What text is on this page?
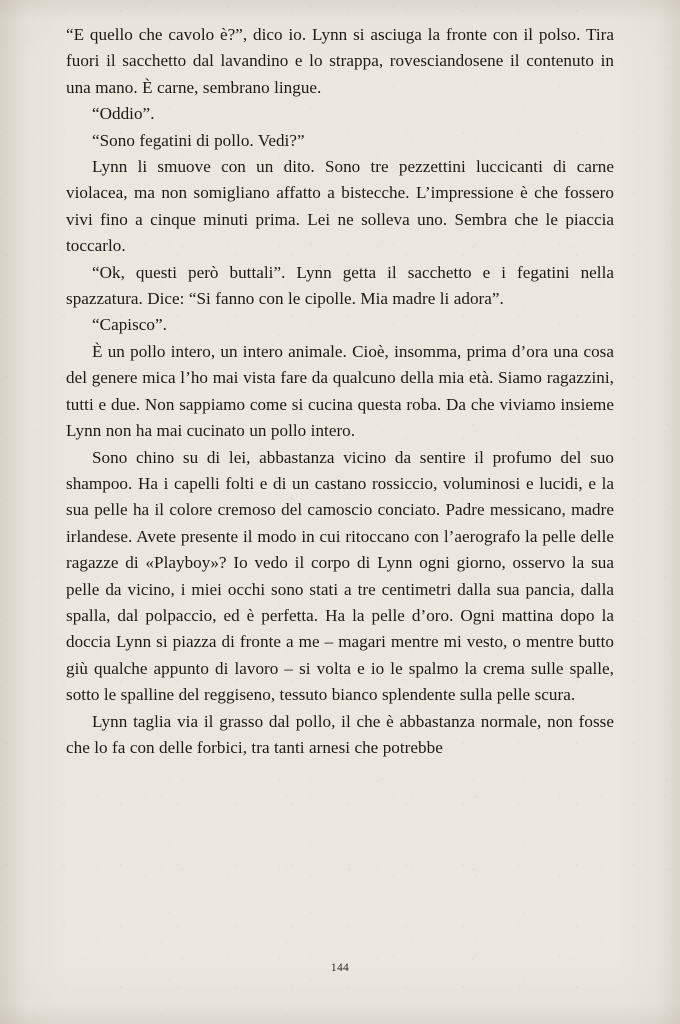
“E quello che cavolo è?”, dico io. Lynn si asciuga la fronte con il polso. Tira fuori il sacchetto dal lavandino e lo strappa, rovesciandosene il contenuto in una mano. È carne, sembrano lingue.

“Oddio”.

“Sono fegatini di pollo. Vedi?”

Lynn li smuove con un dito. Sono tre pezzettini luccicanti di carne violacea, ma non somigliano affatto a bistecche. L’impressione è che fossero vivi fino a cinque minuti prima. Lei ne solleva uno. Sembra che le piaccia toccarlo.

“Ok, questi però buttali”. Lynn getta il sacchetto e i fegatini nella spazzatura. Dice: “Si fanno con le cipolle. Mia madre li adora”.

“Capisco”.

È un pollo intero, un intero animale. Cioè, insomma, prima d’ora una cosa del genere mica l’ho mai vista fare da qualcuno della mia età. Siamo ragazzini, tutti e due. Non sappiamo come si cucina questa roba. Da che viviamo insieme Lynn non ha mai cucinato un pollo intero.

Sono chino su di lei, abbastanza vicino da sentire il profumo del suo shampoo. Ha i capelli folti e di un castano rossiccio, voluminosi e lucidi, e la sua pelle ha il colore cremoso del camoscio conciato. Padre messicano, madre irlandese. Avete presente il modo in cui ritoccano con l’aerografo la pelle delle ragazze di «Playboy»? Io vedo il corpo di Lynn ogni giorno, osservo la sua pelle da vicino, i miei occhi sono stati a tre centimetri dalla sua pancia, dalla spalla, dal polpaccio, ed è perfetta. Ha la pelle d’oro. Ogni mattina dopo la doccia Lynn si piazza di fronte a me – magari mentre mi vesto, o mentre butto giù qualche appunto di lavoro – si volta e io le spalmo la crema sulle spalle, sotto le spalline del reggiseno, tessuto bianco splendente sulla pelle scura.

Lynn taglia via il grasso dal pollo, il che è abbastanza normale, non fosse che lo fa con delle forbici, tra tanti arnesi che potrebbe

144
